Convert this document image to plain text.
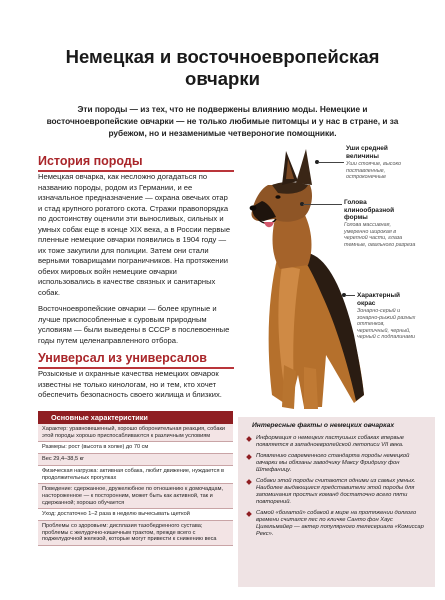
Немецкая и восточноевропейская овчарки
Эти породы — из тех, что не подвержены влиянию моды. Немецкие и восточноевропейские овчарки — не только любимые питомцы и у нас в стране, и за рубежом, но и незаменимые четвероногие помощники.
История породы

Немецкая овчарка, как несложно догадаться по названию породы, родом из Германии, и ее изначальное предназначение — охрана овечьих отар и стад крупного рогатого скота. Стражи правопорядка по достоинству оценили эти выносливых, сильных и умных собак еще в конце XIX века, а в России первые пленные немецкие овчарки появились в 1904 году — их тоже закупили для полиции. Затем они стали верными товарищами пограничников. На протяжении обеих мировых войн немецкие овчарки использовались в качестве связных и санитарных собак.

Восточноевропейские овчарки — более крупные и лучше приспособленные к суровым природным условиям — были выведены в СССР в послевоенные годы путем целенаправленного отбора.

Универсал из универсалов
Розыскные и охранные качества немецких овчарок известны не только кинологам, но и тем, кто хочет обеспечить безопасность своего жилища и близких.
Уши средней величины
Уши стоячие, высоко поставленные, остроконечные
Голова клинообразной формы
Голова массивная, умеренно широкая в черепной части, глаза темные, овального разреза
Характерный окрас
Зонарно-серый и зонарно-рыжий разных оттенков, черепичный, черный, черный с подпалинами
Основные характеристики
Характер: уравновешенный, хорошо оборонительная реакция, собаки этой породы хорошо приспосабливаются к различным условиям
Размеры: рост (высота в холке) до 70 см
Вес 29,4–38,5 кг
Физическая нагрузка: активная собака, любит движение, нуждается в продолжительных прогулках
Поведение: сдержанное, дружелюбное по отношению к домочадцам, настороженное — к посторонним, может быть как активной, так и сдержанной; хорошо обучается
Уход: достаточно 1–2 раза в неделю вычесывать щеткой
Проблемы со здоровьем: дисплазия тазобедренного сустава; проблемы с желудочно-кишечным трактом, прежде всего с поджелудочной железой, которые могут привести к снижению веса
Интересные факты о немецких овчарках
Информация о немецких пастушьих собаках впервые появляется в западноевропейской летописи VII века.
Появлению современного стандарта породы немецкой овчарки мы обязаны заводчику Максу Фридриху фон Штефаницу.
Собаки этой породы считаются одними из самых умных. Наиболее выдающиеся представители этой породы для запоминания простых команд достаточно всего пяти повторений.
Самой «богатой» собакой в мире на протяжении долгого времени считался пес по кличке Санто фон Хаус Цигельмайер — актер популярного телесериала «Комиссар Рекс».
